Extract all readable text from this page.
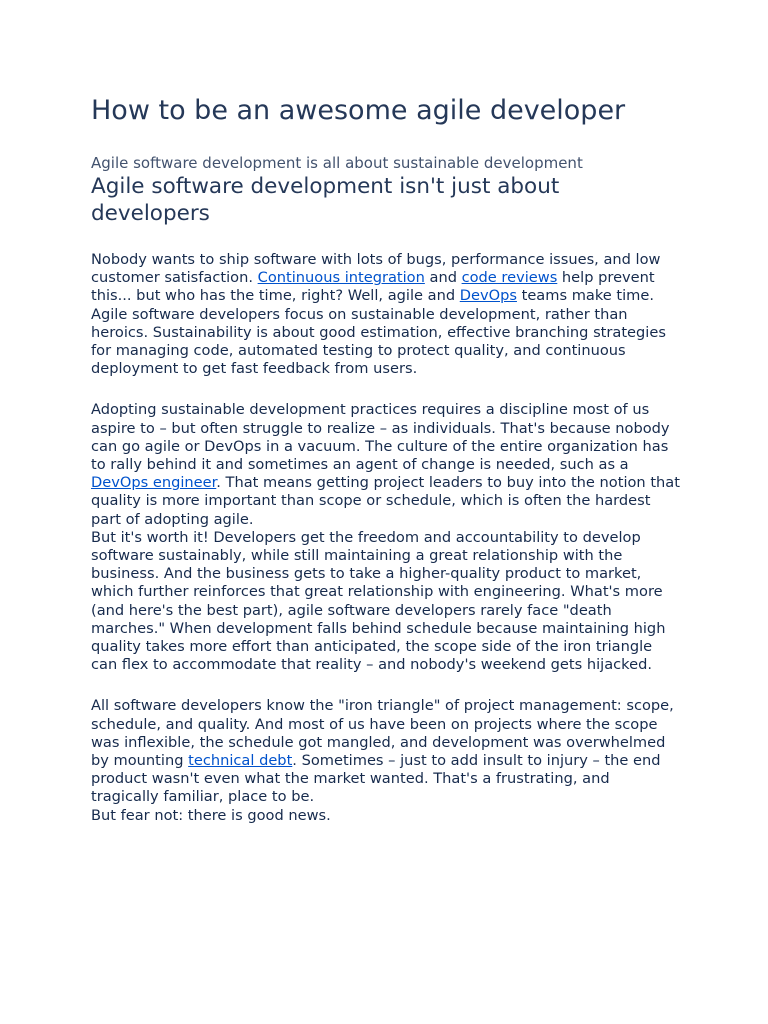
How to be an awesome agile developer
Agile software development is all about sustainable development
Agile software development isn't just about developers

Nobody wants to ship software with lots of bugs, performance issues, and low customer satisfaction. Continuous integration and code reviews help prevent this... but who has the time, right? Well, agile and DevOps teams make time.

Agile software developers focus on sustainable development, rather than heroics. Sustainability is about good estimation, effective branching strategies for managing code, automated testing to protect quality, and continuous deployment to get fast feedback from users.

Adopting sustainable development practices requires a discipline most of us aspire to – but often struggle to realize – as individuals. That's because nobody can go agile or DevOps in a vacuum. The culture of the entire organization has to rally behind it and sometimes an agent of change is needed, such as a DevOps engineer. That means getting project leaders to buy into the notion that quality is more important than scope or schedule, which is often the hardest part of adopting agile.

But it's worth it! Developers get the freedom and accountability to develop software sustainably, while still maintaining a great relationship with the business. And the business gets to take a higher-quality product to market, which further reinforces that great relationship with engineering. What's more (and here's the best part), agile software developers rarely face "death marches." When development falls behind schedule because maintaining high quality takes more effort than anticipated, the scope side of the iron triangle can flex to accommodate that reality – and nobody's weekend gets hijacked.

All software developers know the "iron triangle" of project management: scope, schedule, and quality. And most of us have been on projects where the scope was inflexible, the schedule got mangled, and development was overwhelmed by mounting technical debt. Sometimes – just to add insult to injury – the end product wasn't even what the market wanted. That's a frustrating, and tragically familiar, place to be.

But fear not: there is good news.
